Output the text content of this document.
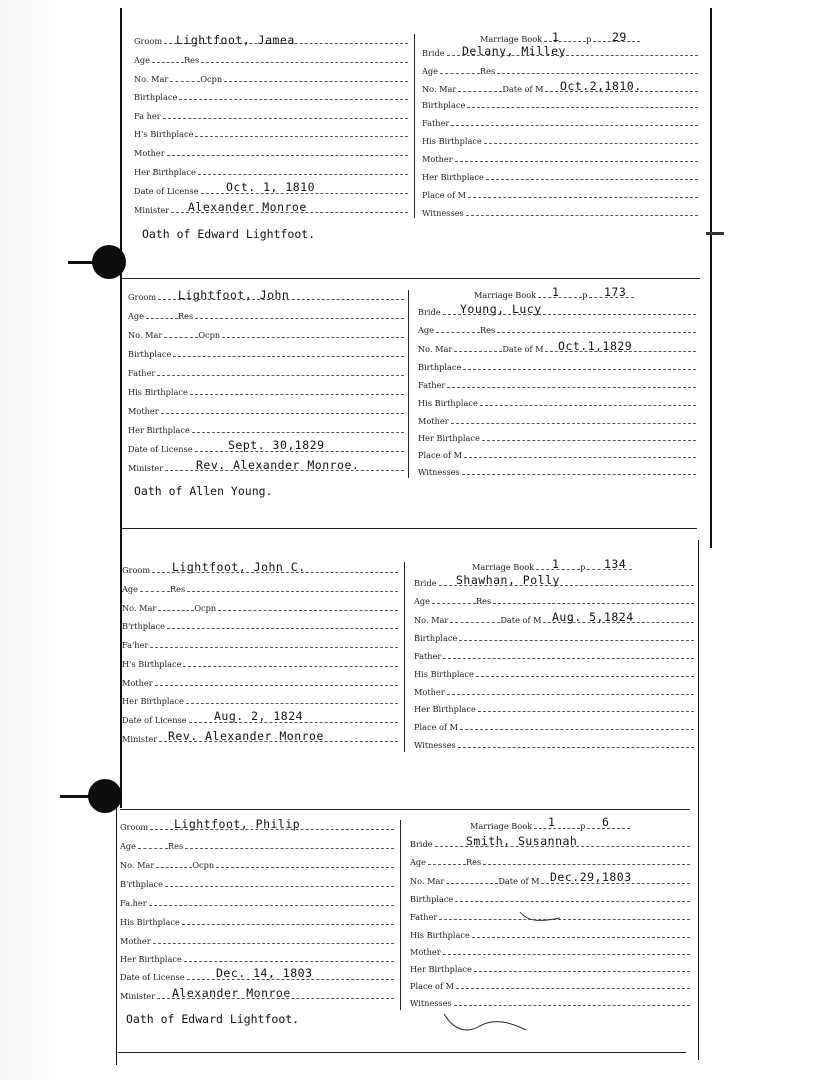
Groom Lightfoot, Jamea
Age	Res
No. Mar	Ocpn
Birthplace
Fa her
H's Birthplace
Mother
Her Birthplace
Date of License Oct. 1, 1810
Minister Alexander Monroe
Marriage Book	p
1	29
Bride Delany, Milley
Age	Res
No. Mar	Date of M Oct.2,1810.
Birthplace
Father
His Birthplace
Mother
Her Birthplace
Place of M
Witnesses
Oath of Edward Lightfoot.
Groom Lightfoot, John
Age	Res
No. Mar	Ocpn
Birthplace
Father
His Birthplace
Mother
Her Birthplace
Date of License	Sept. 30,1829
Minister	Rev. Alexander Monroe.
Marriage Book	p
1	173
Bride Young, Lucy
Age	Res
No. Mar	Date of M Oct.1,1829
Birthplace
Father
His Birthplace
Mother
Her Birthplace
Place of M
Witnesses
Oath of Allen Young.
Groom Lightfoot, John C.
Age	Res
No. Mar	Ocpn
B'rthplace
Fa'her
H's Birthplace
Mother
Her Birthplace
Date of License Aug. 2, 1824
Minister Rev. Alexander Monroe
Marriage Book	p
1	134
Bride Shawhan, Polly
Age	Res
No. Mar	Date of M Aug. 5,1824
Birthplace
Father
His Birthplace
Mother
Her Birthplace
Place of M
Witnesses
Groom Lightfoot, Philip
Age	Res
No. Mar	Ocpn
B'rthplace
Fa.her
His Birthplace
Mother
Her Birthplace
Date of License	Dec. 14, 1803
Minister Alexander Monroe
Marriage Book	p
1	6
Bride	Smith, Susannah
Age	Res
No. Mar	Date of M Dec.29,1803
Birthplace
Father
His Birthplace
Mother
Her Birthplace
Place of M
Witnesses
Oath of Edward Lightfoot.
